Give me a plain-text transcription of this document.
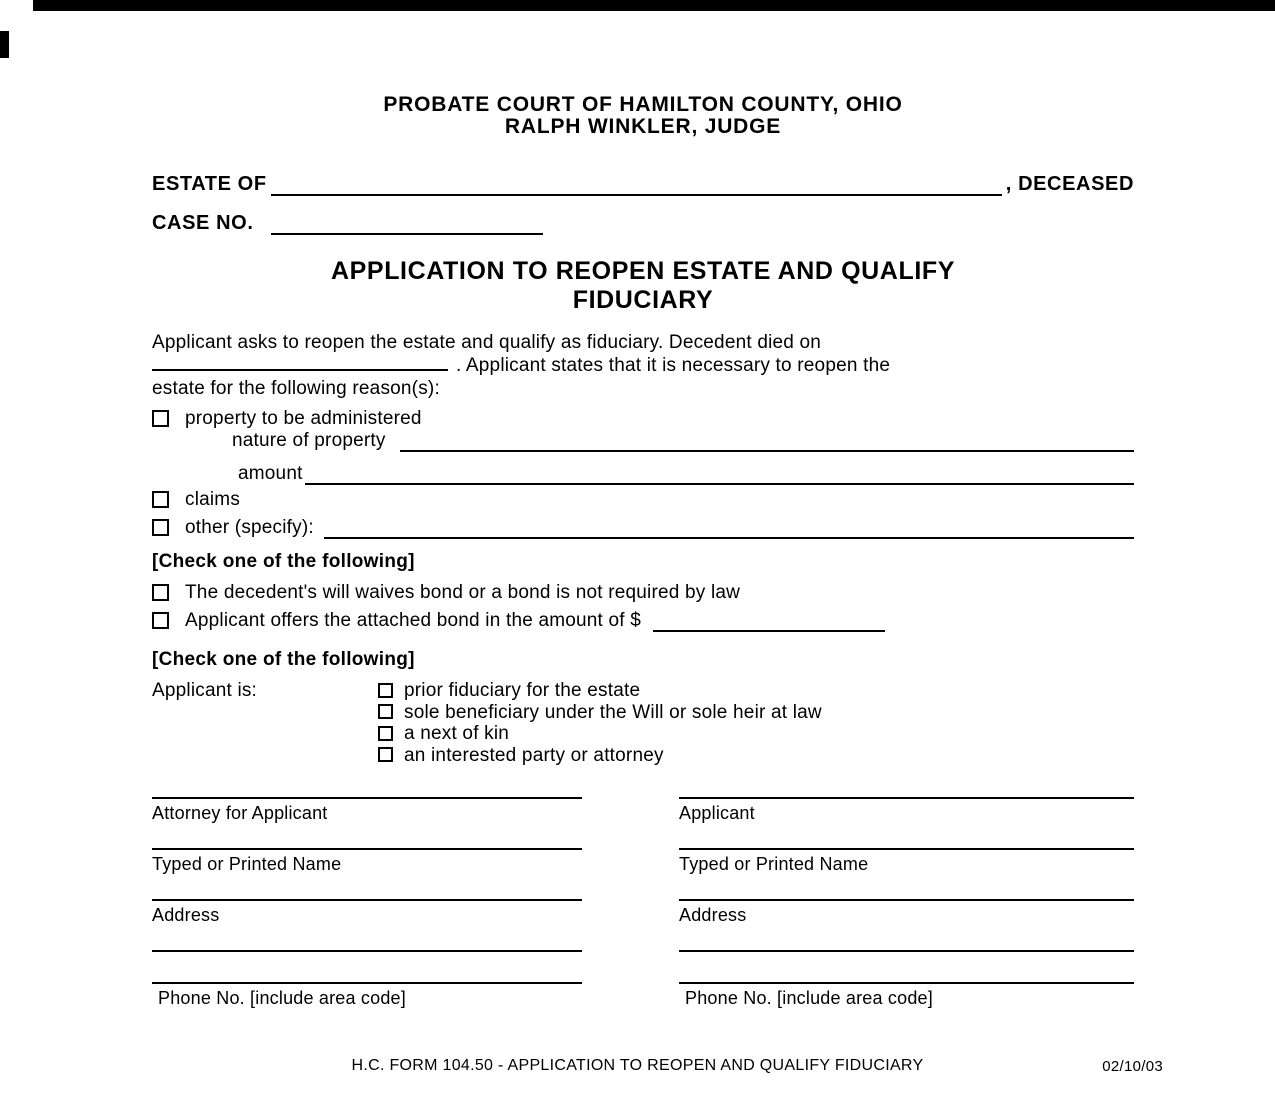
PROBATE COURT OF HAMILTON COUNTY, OHIO
RALPH WINKLER, JUDGE
ESTATE OF	, DECEASED
CASE NO.
APPLICATION TO REOPEN ESTATE AND QUALIFY
FIDUCIARY
Applicant asks to reopen the estate and qualify as fiduciary. Decedent died on
. Applicant states that it is necessary to reopen the
estate for the following reason(s):
property to be administered
nature of property
amount
claims
other (specify):
[Check one of the following]
The decedent's will waives bond or a bond is not required by law
Applicant offers the attached bond in the amount of $
[Check one of the following]
Applicant is:	prior fiduciary for the estate
sole beneficiary under the Will or sole heir at law
a next of kin
an interested party or attorney
Attorney for Applicant
Typed or Printed Name
Address
Phone No. [include area code]
Applicant
Typed or Printed Name
Address
Phone No. [include area code]
H.C. FORM 104.50 - APPLICATION TO REOPEN AND QUALIFY FIDUCIARY	02/10/03
